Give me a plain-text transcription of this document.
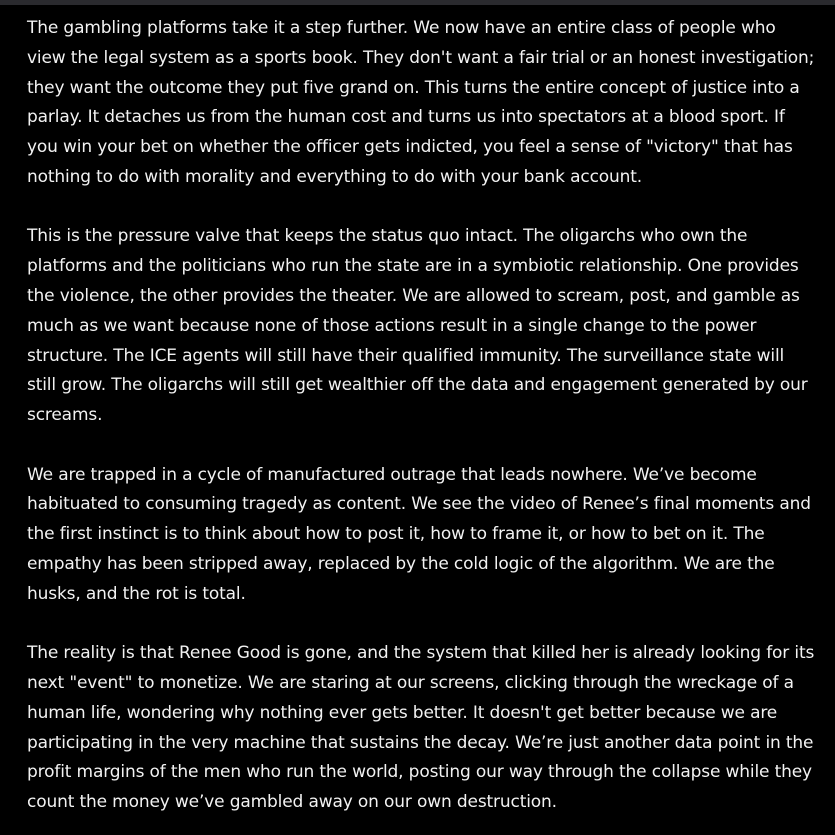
The gambling platforms take it a step further. We now have an entire class of people who view the legal system as a sports book. They don't want a fair trial or an honest investigation; they want the outcome they put five grand on. This turns the entire concept of justice into a parlay. It detaches us from the human cost and turns us into spectators at a blood sport. If you win your bet on whether the officer gets indicted, you feel a sense of "victory" that has nothing to do with morality and everything to do with your bank account.

This is the pressure valve that keeps the status quo intact. The oligarchs who own the platforms and the politicians who run the state are in a symbiotic relationship. One provides the violence, the other provides the theater. We are allowed to scream, post, and gamble as much as we want because none of those actions result in a single change to the power structure. The ICE agents will still have their qualified immunity. The surveillance state will still grow. The oligarchs will still get wealthier off the data and engagement generated by our screams.

We are trapped in a cycle of manufactured outrage that leads nowhere. We’ve become habituated to consuming tragedy as content. We see the video of Renee’s final moments and the first instinct is to think about how to post it, how to frame it, or how to bet on it. The empathy has been stripped away, replaced by the cold logic of the algorithm. We are the husks, and the rot is total.

The reality is that Renee Good is gone, and the system that killed her is already looking for its next "event" to monetize. We are staring at our screens, clicking through the wreckage of a human life, wondering why nothing ever gets better. It doesn't get better because we are participating in the very machine that sustains the decay. We’re just another data point in the profit margins of the men who run the world, posting our way through the collapse while they count the money we’ve gambled away on our own destruction.
